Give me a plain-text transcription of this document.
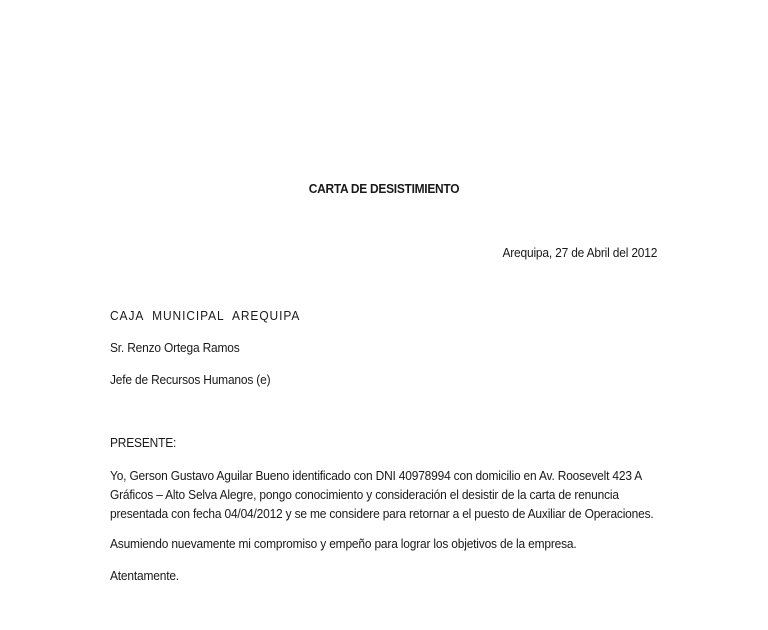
CARTA DE DESISTIMIENTO
Arequipa, 27 de Abril del 2012
CAJA  MUNICIPAL  AREQUIPA
Sr. Renzo Ortega Ramos
Jefe de Recursos Humanos (e)
PRESENTE:
Yo, Gerson Gustavo Aguilar Bueno identificado con DNI 40978994 con domicilio en Av. Roosevelt 423 A
Gráficos – Alto Selva Alegre, pongo conocimiento y consideración el desistir de la carta de renuncia
presentada con fecha 04/04/2012 y se me considere para retornar a el puesto de Auxiliar de Operaciones.
Asumiendo nuevamente mi compromiso y empeño para lograr los objetivos de la empresa.
Atentamente.
